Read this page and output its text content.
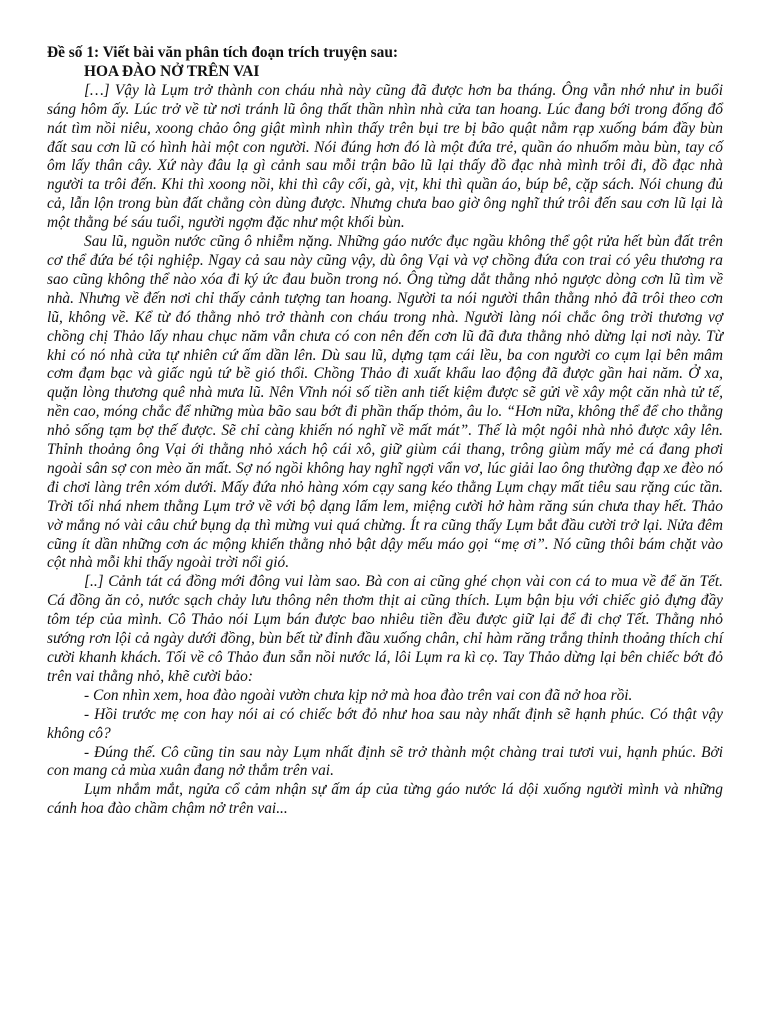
Đề số 1: Viết bài văn phân tích đoạn trích truyện sau:

HOA ĐÀO NỞ TRÊN VAI

[…] Vậy là Lụm trở thành con cháu nhà này cũng đã được hơn ba tháng. Ông vẫn nhớ như in buổi sáng hôm ấy. Lúc trở về từ nơi tránh lũ ông thất thần nhìn nhà cửa tan hoang. Lúc đang bới trong đống đổ nát tìm nồi niêu, xoong chảo ông giật mình nhìn thấy trên bụi tre bị bão quật nằm rạp xuống bám đầy bùn đất sau cơn lũ có hình hài một con người. Nói đúng hơn đó là một đứa trẻ, quần áo nhuốm màu bùn, tay cố ôm lấy thân cây. Xứ này đâu lạ gì cảnh sau mỗi trận bão lũ lại thấy đồ đạc nhà mình trôi đi, đồ đạc nhà người ta trôi đến. Khi thì xoong nồi, khi thì cây cối, gà, vịt, khi thì quần áo, búp bê, cặp sách. Nói chung đủ cả, lẫn lộn trong bùn đất chẳng còn dùng được. Nhưng chưa bao giờ ông nghĩ thứ trôi đến sau cơn lũ lại là một thằng bé sáu tuổi, người ngợm đặc như một khối bùn.

Sau lũ, nguồn nước cũng ô nhiễm nặng. Những gáo nước đục ngầu không thể gột rửa hết bùn đất trên cơ thể đứa bé tội nghiệp. Ngay cả sau này cũng vậy, dù ông Vại và vợ chồng đứa con trai có yêu thương ra sao cũng không thể nào xóa đi ký ức đau buồn trong nó. Ông từng dắt thằng nhỏ ngược dòng cơn lũ tìm về nhà. Nhưng về đến nơi chỉ thấy cảnh tượng tan hoang. Người ta nói người thân thằng nhỏ đã trôi theo cơn lũ, không về. Kể từ đó thằng nhỏ trở thành con cháu trong nhà. Người làng nói chắc ông trời thương vợ chồng chị Thảo lấy nhau chục năm vẫn chưa có con nên đến cơn lũ đã đưa thằng nhỏ dừng lại nơi này. Từ khi có nó nhà cửa tự nhiên cứ ấm dần lên. Dù sau lũ, dựng tạm cái lều, ba con người co cụm lại bên mâm cơm đạm bạc và giấc ngủ tứ bề gió thổi. Chồng Thảo đi xuất khẩu lao động đã được gần hai năm. Ở xa, quặn lòng thương quê nhà mưa lũ. Nên Vĩnh nói số tiền anh tiết kiệm được sẽ gửi về xây một căn nhà tử tế, nền cao, móng chắc để những mùa bão sau bớt đi phần thấp thỏm, âu lo. “Hơn nữa, không thể để cho thằng nhỏ sống tạm bợ thế được. Sẽ chỉ càng khiến nó nghĩ về mất mát”. Thế là một ngôi nhà nhỏ được xây lên. Thỉnh thoảng ông Vại ới thằng nhỏ xách hộ cái xô, giữ giùm cái thang, trông giùm mấy mẻ cá đang phơi ngoài sân sợ con mèo ăn mất. Sợ nó ngồi không hay nghĩ ngợi vẩn vơ, lúc giải lao ông thường đạp xe đèo nó đi chơi làng trên xóm dưới. Mấy đứa nhỏ hàng xóm cạy sang kéo thằng Lụm chạy mất tiêu sau rặng cúc tần. Trời tối nhá nhem thằng Lụm trở về với bộ dạng lấm lem, miệng cười hở hàm răng sún chưa thay hết. Thảo vờ mắng nó vài câu chứ bụng dạ thì mừng vui quá chừng. Ít ra cũng thấy Lụm bắt đầu cười trở lại. Nửa đêm cũng ít dần những cơn ác mộng khiến thằng nhỏ bật dậy mếu máo gọi “mẹ ơi”. Nó cũng thôi bám chặt vào cột nhà mỗi khi thấy ngoài trời nổi gió.

[..] Cảnh tát cá đồng mới đông vui làm sao. Bà con ai cũng ghé chọn vài con cá to mua về để ăn Tết. Cá đồng ăn cỏ, nước sạch chảy lưu thông nên thơm thịt ai cũng thích. Lụm bận bịu với chiếc giỏ đựng đầy tôm tép của mình. Cô Thảo nói Lụm bán được bao nhiêu tiền đều được giữ lại để đi chợ Tết. Thằng nhỏ sướng rơn lội cả ngày dưới đồng, bùn bết từ đỉnh đầu xuống chân, chỉ hàm răng trắng thỉnh thoảng thích chí cười khanh khách. Tối về cô Thảo đun sẵn nồi nước lá, lôi Lụm ra kì cọ. Tay Thảo dừng lại bên chiếc bớt đỏ trên vai thằng nhỏ, khẽ cười bảo:

- Con nhìn xem, hoa đào ngoài vườn chưa kịp nở mà hoa đào trên vai con đã nở hoa rồi.

- Hồi trước mẹ con hay nói ai có chiếc bớt đỏ như hoa sau này nhất định sẽ hạnh phúc. Có thật vậy không cô?

- Đúng thế. Cô cũng tin sau này Lụm nhất định sẽ trở thành một chàng trai tươi vui, hạnh phúc. Bởi con mang cả mùa xuân đang nở thắm trên vai.

Lụm nhắm mắt, ngửa cổ cảm nhận sự ấm áp của từng gáo nước lá dội xuống người mình và những cánh hoa đào chầm chậm nở trên vai...
